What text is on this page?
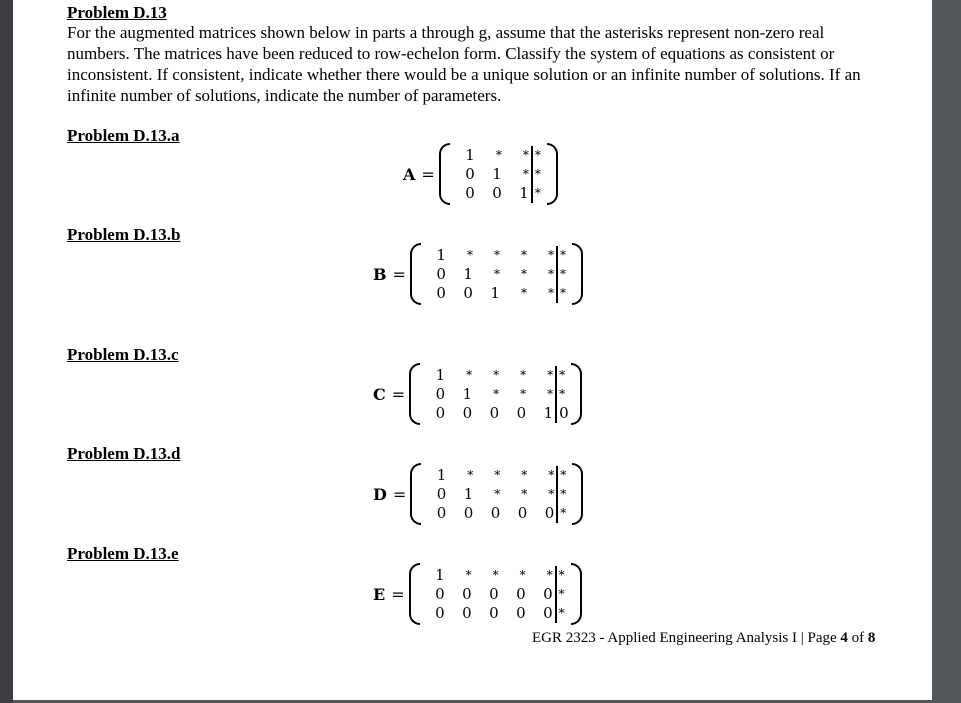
Problem D.13
For the augmented matrices shown below in parts a through g, assume that the asterisks represent non-zero real numbers. The matrices have been reduced to row-echelon form. Classify the system of equations as consistent or inconsistent. If consistent, indicate whether there would be a unique solution or an infinite number of solutions. If an infinite number of solutions, indicate the number of parameters.
Problem D.13.a
A =
1	*	* *
0	1	* *
0	0	1 *
Problem D.13.b
B =
1	*	*	*	* *
0	1	*	*	* *
0	0	1	*	* *
Problem D.13.c
C =
1	*	*	*	* *
0	1	*	*	* *
0	0	0	0	1 0
Problem D.13.d
D =
1	*	*	*	* *
0	1	*	*	* *
0	0	0	0	0 *
Problem D.13.e
E =
1	*	*	*	* *
0	0	0	0	0 *
0	0	0	0	0 *
EGR 2323 - Applied Engineering Analysis I | Page 4 of 8
